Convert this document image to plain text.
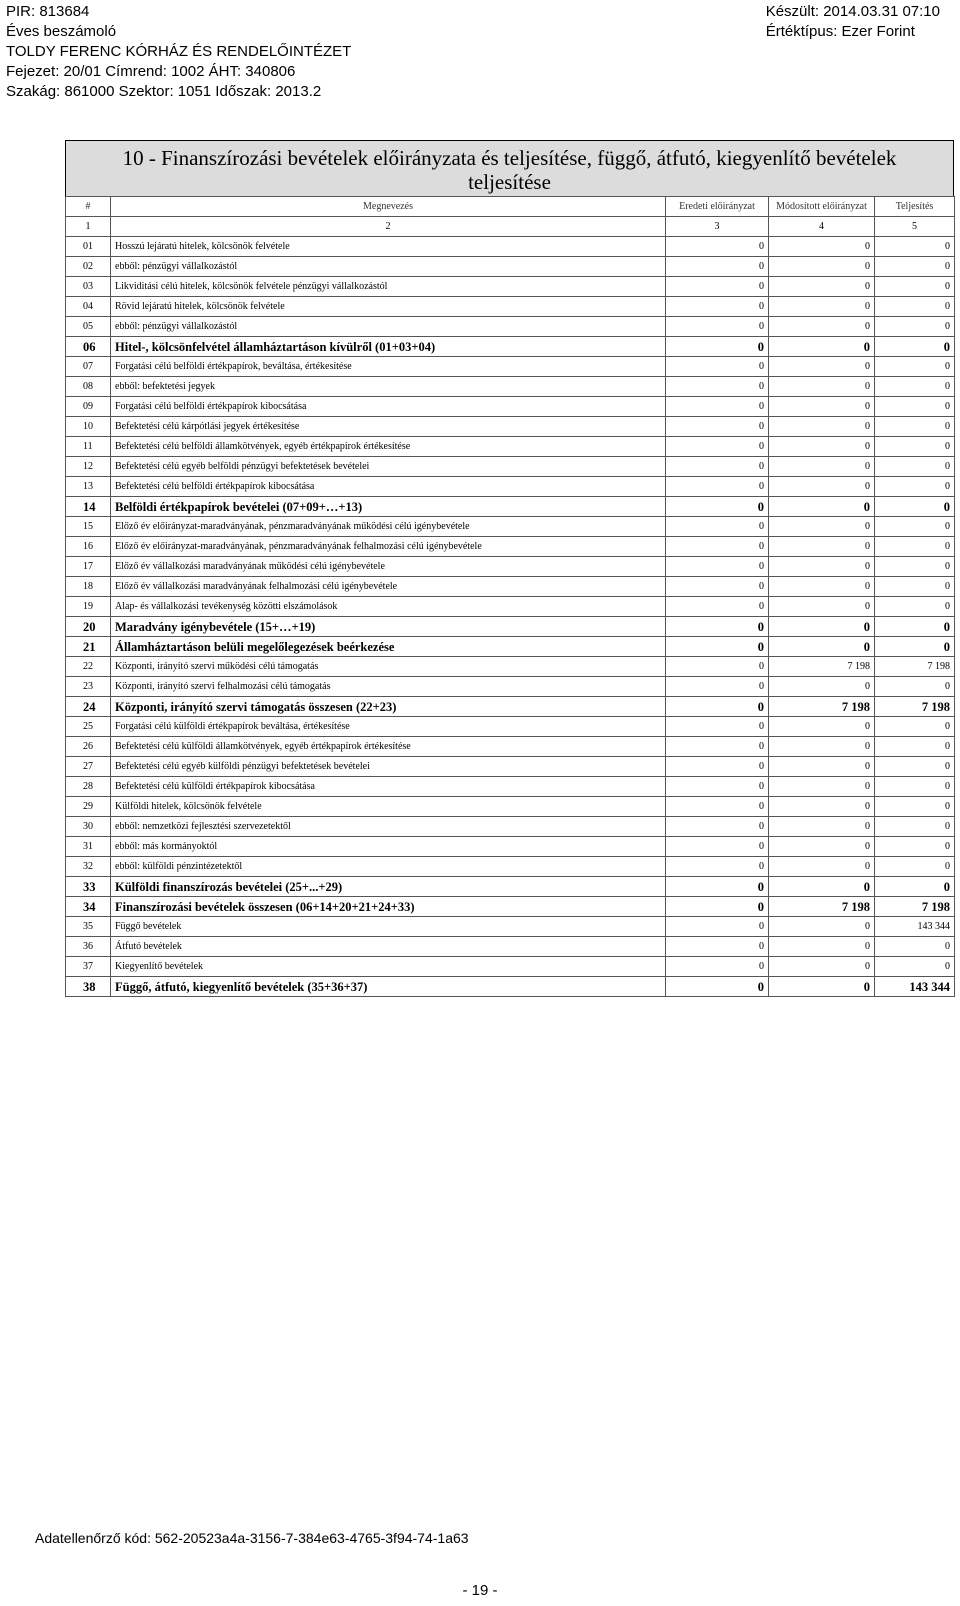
PIR: 813684
Éves beszámoló
TOLDY FERENC KÓRHÁZ ÉS RENDELŐINTÉZET
Fejezet: 20/01 Címrend: 1002 ÁHT: 340806
Szakág: 861000 Szektor: 1051 Időszak: 2013.2
Készült: 2014.03.31 07:10
Értéktípus: Ezer Forint
10 - Finanszírozási bevételek előirányzata és teljesítése, függő, átfutó, kiegyenlítő bevételek
teljesítése
#	Megnevezés	Eredeti előirányzat	Módosított előirányzat	Teljesítés
1	2	3	4	5
01	Hosszú lejáratú hitelek, kölcsönök felvétele	0	0	0
02	ebből: pénzügyi vállalkozástól	0	0	0
03	Likviditási célú hitelek, kölcsönök felvétele pénzügyi vállalkozástól	0	0	0
04	Rövid lejáratú hitelek, kölcsönök felvétele	0	0	0
05	ebből: pénzügyi vállalkozástól	0	0	0
06	Hitel-, kölcsönfelvétel államháztartáson kívülről (01+03+04)	0	0	0
07	Forgatási célú belföldi értékpapírok, beváltása, értékesítése	0	0	0
08	ebből: befektetési jegyek	0	0	0
09	Forgatási célú belföldi értékpapírok kibocsátása	0	0	0
10	Befektetési célú kárpótlási jegyek értékesítése	0	0	0
11	Befektetési célú belföldi államkötvények, egyéb értékpapírok értékesítése	0	0	0
12	Befektetési célú egyéb belföldi pénzügyi befektetések bevételei	0	0	0
13	Befektetési célú belföldi értékpapírok kibocsátása	0	0	0
14	Belföldi értékpapírok bevételei (07+09+…+13)	0	0	0
15	Előző év előirányzat-maradványának, pénzmaradványának működési célú igénybevétele	0	0	0
16	Előző év előirányzat-maradványának, pénzmaradványának felhalmozási célú igénybevétele	0	0	0
17	Előző év vállalkozási maradványának működési célú igénybevétele	0	0	0
18	Előző év vállalkozási maradványának felhalmozási célú igénybevétele	0	0	0
19	Alap- és vállalkozási tevékenység közötti elszámolások	0	0	0
20	Maradvány igénybevétele (15+…+19)	0	0	0
21	Államháztartáson belüli megelőlegezések beérkezése	0	0	0
22	Központi, irányító szervi működési célú támogatás	0	7 198	7 198
23	Központi, irányító szervi felhalmozási célú támogatás	0	0	0
24	Központi, irányító szervi támogatás összesen (22+23)	0	7 198	7 198
25	Forgatási célú külföldi értékpapírok beváltása, értékesítése	0	0	0
26	Befektetési célú külföldi államkötvények, egyéb értékpapírok értékesítése	0	0	0
27	Befektetési célú egyéb külföldi pénzügyi befektetések bevételei	0	0	0
28	Befektetési célú külföldi értékpapírok kibocsátása	0	0	0
29	Külföldi hitelek, kölcsönök felvétele	0	0	0
30	ebből: nemzetközi fejlesztési szervezetektől	0	0	0
31	ebből: más kormányoktól	0	0	0
32	ebből: külföldi pénzintézetektől	0	0	0
33	Külföldi finanszírozás bevételei (25+...+29)	0	0	0
34	Finanszírozási bevételek összesen (06+14+20+21+24+33)	0	7 198	7 198
35	Függő bevételek	0	0	143 344
36	Átfutó bevételek	0	0	0
37	Kiegyenlítő bevételek	0	0	0
38	Függő, átfutó, kiegyenlítő bevételek (35+36+37)	0	0	143 344
Adatellenőrző kód: 562-20523a4a-3156-7-384e63-4765-3f94-74-1a63
- 19 -
